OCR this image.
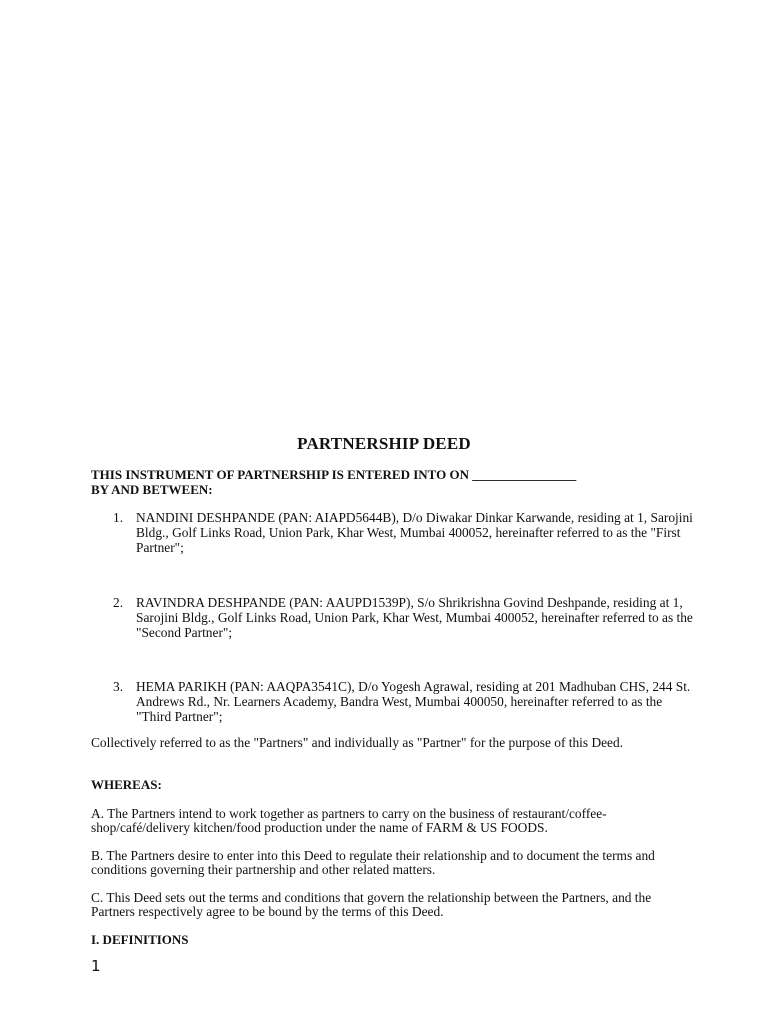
PARTNERSHIP DEED
THIS INSTRUMENT OF PARTNERSHIP IS ENTERED INTO ON ________________
BY AND BETWEEN:
1. NANDINI DESHPANDE (PAN: AIAPD5644B), D/o Diwakar Dinkar Karwande, residing at 1, Sarojini Bldg., Golf Links Road, Union Park, Khar West, Mumbai 400052, hereinafter referred to as the "First Partner";
2. RAVINDRA DESHPANDE (PAN: AAUPD1539P), S/o Shrikrishna Govind Deshpande, residing at 1, Sarojini Bldg., Golf Links Road, Union Park, Khar West, Mumbai 400052, hereinafter referred to as the "Second Partner";
3. HEMA PARIKH (PAN: AAQPA3541C), D/o Yogesh Agrawal, residing at 201 Madhuban CHS, 244 St. Andrews Rd., Nr. Learners Academy, Bandra West, Mumbai 400050, hereinafter referred to as the "Third Partner";
Collectively referred to as the "Partners" and individually as "Partner" for the purpose of this Deed.
WHEREAS:
A. The Partners intend to work together as partners to carry on the business of restaurant/coffee-shop/café/delivery kitchen/food production under the name of FARM & US FOODS.
B. The Partners desire to enter into this Deed to regulate their relationship and to document the terms and conditions governing their partnership and other related matters.
C. This Deed sets out the terms and conditions that govern the relationship between the Partners, and the Partners respectively agree to be bound by the terms of this Deed.
I. DEFINITIONS
1
